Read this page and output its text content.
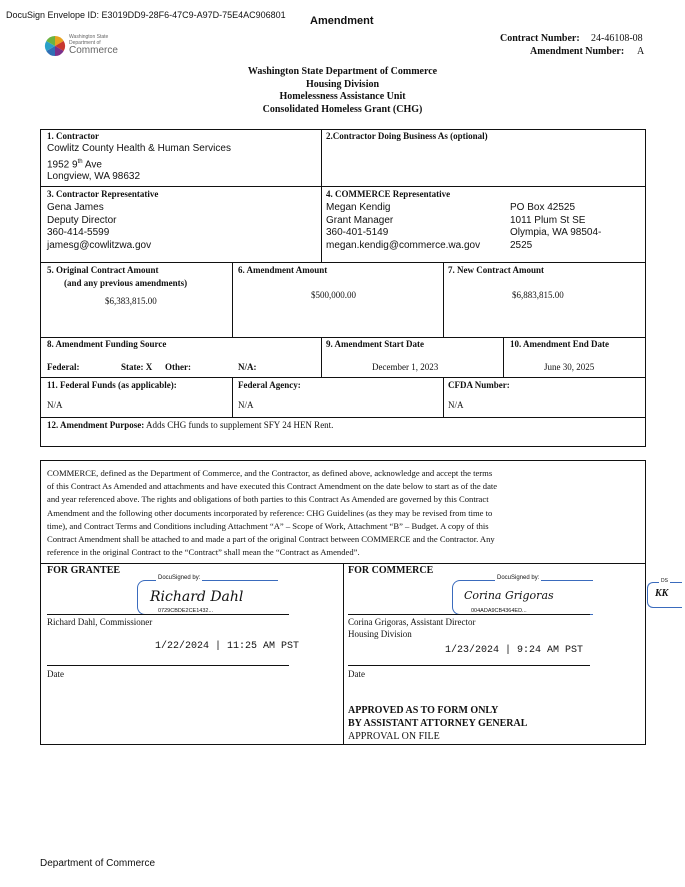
DocuSign Envelope ID: E3019DD9-28F6-47C9-A97D-75E4AC906801 Amendment
Washington State
Department of
Commerce
Contract Number: 24-46108-08
Amendment Number: A
Washington State Department of Commerce
Housing Division
Homelessness Assistance Unit
Consolidated Homeless Grant (CHG)
1. Contractor
Cowlitz County Health & Human Services
1952 9th Ave
Longview, WA 98632
2.Contractor Doing Business As (optional)
3. Contractor Representative
Gena James
Deputy Director
360-414-5599
jamesg@cowlitzwa.gov
4. COMMERCE Representative
Megan Kendig
Grant Manager
360-401-5149
megan.kendig@commerce.wa.gov
PO Box 42525
1011 Plum St SE
Olympia, WA 98504-
2525
5. Original Contract Amount
(and any previous amendments)
$6,383,815.00
6. Amendment Amount
$500,000.00
7. New Contract Amount
$6,883,815.00
8. Amendment Funding Source
Federal:	State: X Other:	N/A:
9. Amendment Start Date
December 1, 2023
10. Amendment End Date
June 30, 2025
11. Federal Funds (as applicable):
N/A
Federal Agency:
N/A
CFDA Number:
N/A
12. Amendment Purpose: Adds CHG funds to supplement SFY 24 HEN Rent.
COMMERCE, defined as the Department of Commerce, and the Contractor, as defined above, acknowledge and accept the terms
of this Contract As Amended and attachments and have executed this Contract Amendment on the date below to start as of the date
and year referenced above. The rights and obligations of both parties to this Contract As Amended are governed by this Contract
Amendment and the following other documents incorporated by reference: CHG Guidelines (as they may be revised from time to
time), and Contract Terms and Conditions including Attachment “A” – Scope of Work, Attachment “B” – Budget. A copy of this
Contract Amendment shall be attached to and made a part of the original Contract between COMMERCE and the Contractor. Any
reference in the original Contract to the “Contract” shall mean the “Contract as Amended”.
FOR GRANTEE
DocuSigned by:
Richard Dahl
0729CBDE2CE1432...
Richard Dahl, Commissioner
1/22/2024 | 11:25 AM PST
Date
FOR COMMERCE
DocuSigned by:
Corina Grigoras
004ADA9CB4364ED...
Corina Grigoras, Assistant Director
Housing Division
1/23/2024 | 9:24 AM PST
Date
APPROVED AS TO FORM ONLY
BY ASSISTANT ATTORNEY GENERAL
APPROVAL ON FILE
DS
KK
Department of Commerce
